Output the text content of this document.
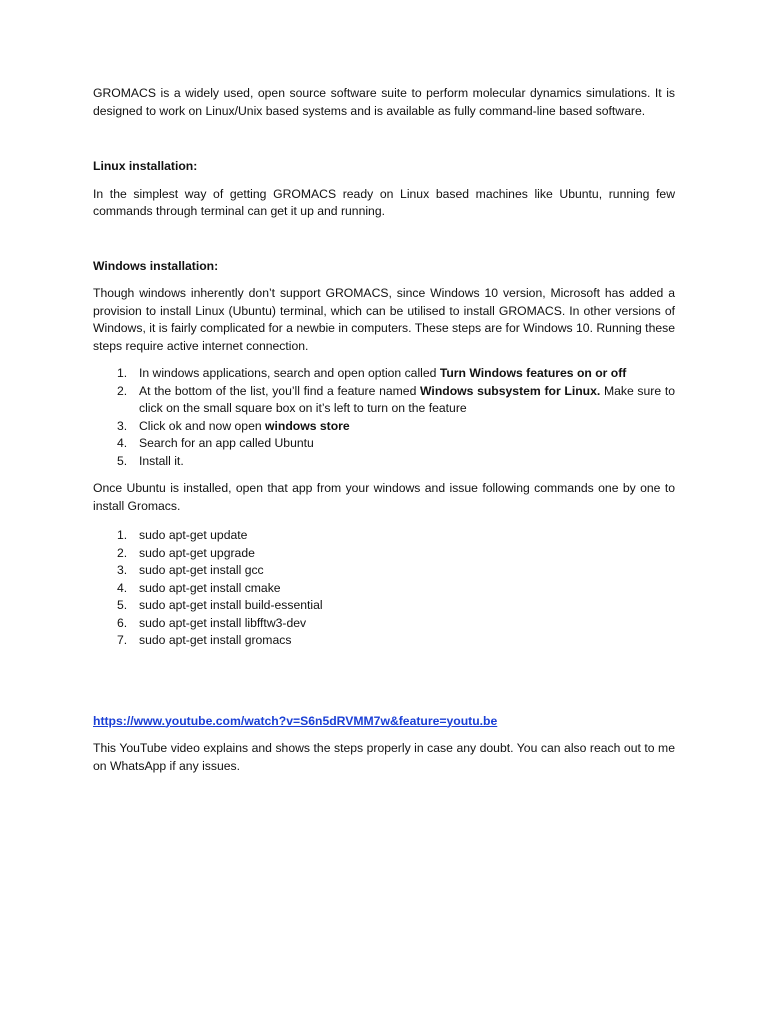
GROMACS is a widely used, open source software suite to perform molecular dynamics simulations. It is designed to work on Linux/Unix based systems and is available as fully command-line based software.

Linux installation:

In the simplest way of getting GROMACS ready on Linux based machines like Ubuntu, running few commands through terminal can get it up and running.

Windows installation:

Though windows inherently don’t support GROMACS, since Windows 10 version, Microsoft has added a provision to install Linux (Ubuntu) terminal, which can be utilised to install GROMACS. In other versions of Windows, it is fairly complicated for a newbie in computers. These steps are for Windows 10. Running these steps require active internet connection.

1. In windows applications, search and open option called Turn Windows features on or off
2. At the bottom of the list, you’ll find a feature named Windows subsystem for Linux. Make sure to click on the small square box on it’s left to turn on the feature
3. Click ok and now open windows store
4. Search for an app called Ubuntu
5. Install it.

Once Ubuntu is installed, open that app from your windows and issue following commands one by one to install Gromacs.

1. sudo apt-get update
2. sudo apt-get upgrade
3. sudo apt-get install gcc
4. sudo apt-get install cmake
5. sudo apt-get install build-essential
6. sudo apt-get install libfftw3-dev
7. sudo apt-get install gromacs
https://www.youtube.com/watch?v=S6n5dRVMM7w&feature=youtu.be

This YouTube video explains and shows the steps properly in case any doubt. You can also reach out to me on WhatsApp if any issues.
